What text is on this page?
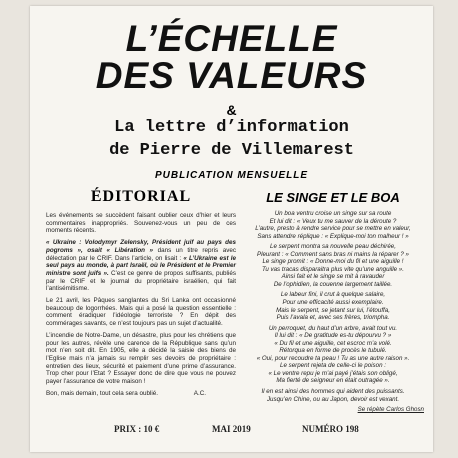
L’ÉCHELLE
DES VALEURS
&
La lettre d’information
de Pierre de Villemarest
PUBLICATION MENSUELLE
ÉDITORIAL	LE SINGE ET LE BOA

Les événements se succèdent faisant oublier ceux d’hier et leurs commentaires inappropriés. Souvenez-vous un peu de ces moments récents.

« Ukraine : Volodymyr Zelensky, Président juif au pays des pogroms », osait « Libération » dans un titre repris avec délectation par le CRIF. Dans l’article, on lisait : « L’Ukraine est le seul pays au monde, à part Israël, où le Président et le Premier ministre sont juifs ». C’est ce genre de propos suffisants, publiés par le CRIF et le journal du propriétaire israélien, qui fait l’antisémitisme.

Le 21 avril, les Pâques sanglantes du Sri Lanka ont occasionné beaucoup de logorrhées. Mais qui a posé la question essentielle : comment éradiquer l’idéologie terroriste ? En dépit des commérages savants, ce n’est toujours pas un sujet d’actualité.

L’incendie de Notre-Dame, un désastre, plus pour les chrétiens que pour les autres, révèle une carence de la République sans qu’un mot n’en soit dit. En 1905, elle a décidé la saisie des biens de l’Eglise mais n’a jamais su remplir ses devoirs de propriétaire : entretien des lieux, sécurité et paiement d’une prime d’assurance. Trop cher pour l’Etat ? Essayer donc de dire que vous ne pouvez payer l’assurance de votre maison !

Bon, mais demain, tout cela sera oublié.	A.C.

Un boa ventru croise un singe sur sa route
Et lui dit : « Veux tu me sauver de la déroute ?
L’autre, presto à rendre service pour se mettre en valeur,
Sans attendre réplique : « Explique-moi ton malheur ! »

Le serpent montra sa nouvelle peau déchirée,
Pleurant : « Comment sans bras ni mains la réparer ? »
Le singe promit : « Donne-moi du fil et une aiguille !
Tu vas tracas disparaitra plus vite qu’une anguille ».
Ainsi fait et le singe se mit à ravauder
De l’ophidien, la couenne largement taillée.

Le labeur fini, il crut à quelque salaire,
Pour une efficacité aussi exemplaire.
Mais le serpent, se jetant sur lui, l’étouffa,
Puis l’avala et, avec ses frères, triompha.

Un perroquet, du haut d’un arbre, avait tout vu.
Il lui dit : « De gratitude es-tu dépourvu ? »
« Du fil et une aiguille, cet escroc m’a volé.
Rétorqua en forme de procès le tubulé.
« Oui, pour recoudre ta peau ! Tu as une autre raison ».
Le serpent rejeta de celle-ci le poison :
« Le ventre repu je m’ai payé j’étais son obligé,
Ma fierté de seigneur en était outragée ».

Il en est ainsi des hommes qui aident des puissants.
Jusqu’en Chine, ou au Japon, devoir est vexant.

Se répète Carlos Ghosn
PRIX : 10 €	MAI 2019	NUMÉRO 198
